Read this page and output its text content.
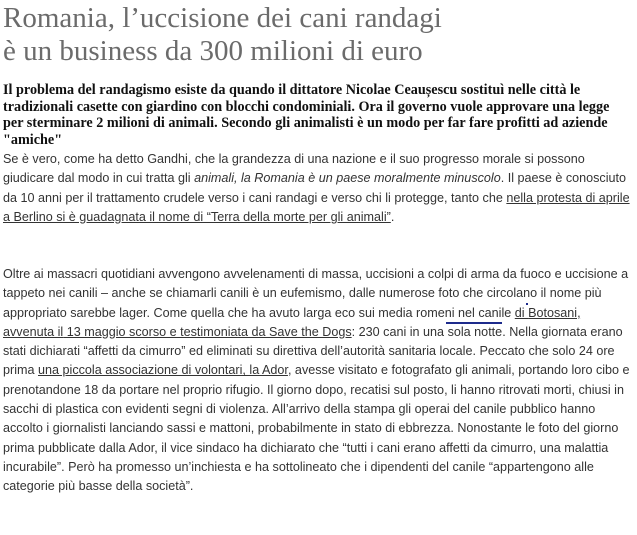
Romania, l’uccisione dei cani randagi
è un business da 300 milioni di euro

Il problema del randagismo esiste da quando il dittatore Nicolae Ceaușescu sostituì nelle città le tradizionali casette con giardino con blocchi condominiali. Ora il governo vuole approvare una legge per sterminare 2 milioni di animali. Secondo gli animalisti è un modo per far fare profitti ad aziende "amiche"

Se è vero, come ha detto Gandhi, che la grandezza di una nazione e il suo progresso morale si possono giudicare dal modo in cui tratta gli animali, la Romania è un paese moralmente minuscolo. Il paese è conosciuto da 10 anni per il trattamento crudele verso i cani randagi e verso chi li protegge, tanto che nella protesta di aprile a Berlino si è guadagnata il nome di “Terra della morte per gli animali”.

Oltre ai massacri quotidiani avvengono avvelenamenti di massa, uccisioni a colpi di arma da fuoco e uccisione a tappeto nei canili – anche se chiamarli canili è un eufemismo, dalle numerose foto che circolano il nome più appropriato sarebbe lager. Come quella che ha avuto larga eco sui media romeni nel canile di Botosani, avvenuta il 13 maggio scorso e testimoniata da Save the Dogs: 230 cani in una sola notte. Nella giornata erano stati dichiarati “affetti da cimurro” ed eliminati su direttiva dell’autorità sanitaria locale. Peccato che solo 24 ore prima una piccola associazione di volontari, la Ador, avesse visitato e fotografato gli animali, portando loro cibo e prenotandone 18 da portare nel proprio rifugio. Il giorno dopo, recatisi sul posto, li hanno ritrovati morti, chiusi in sacchi di plastica con evidenti segni di violenza. All’arrivo della stampa gli operai del canile pubblico hanno accolto i giornalisti lanciando sassi e mattoni, probabilmente in stato di ebbrezza. Nonostante le foto del giorno prima pubblicate dalla Ador, il vice sindaco ha dichiarato che “tutti i cani erano affetti da cimurro, una malattia incurabile”. Però ha promesso un’inchiesta e ha sottolineato che i dipendenti del canile “appartengono alle categorie più basse della società”.
